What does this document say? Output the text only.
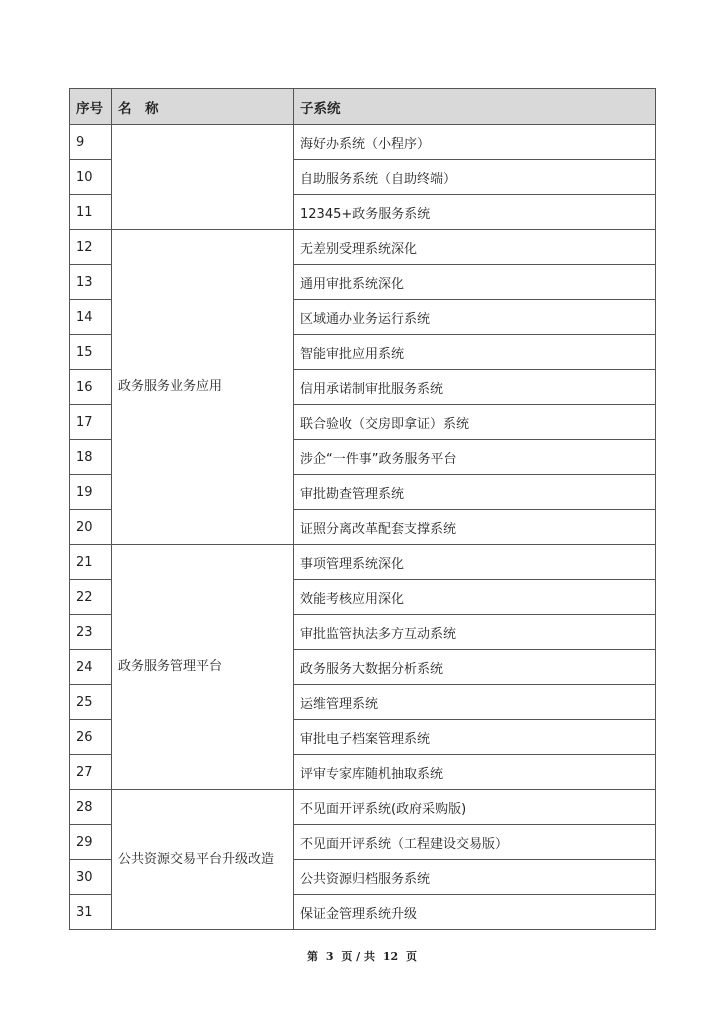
序号	名　称	子系统
9		海好办系统（小程序）
10		自助服务系统（自助终端）
11		12345+政务服务系统
12	政务服务业务应用	无差别受理系统深化
13		通用审批系统深化
14		区域通办业务运行系统
15		智能审批应用系统
16		信用承诺制审批服务系统
17		联合验收（交房即拿证）系统
18		涉企“一件事”政务服务平台
19		审批勘查管理系统
20		证照分离改革配套支撑系统
21	政务服务管理平台	事项管理系统深化
22		效能考核应用深化
23		审批监管执法多方互动系统
24		政务服务大数据分析系统
25		运维管理系统
26		审批电子档案管理系统
27		评审专家库随机抽取系统
28	公共资源交易平台升级改造	不见面开评系统(政府采购版)
29		不见面开评系统（工程建设交易版）
30		公共资源归档服务系统
31		保证金管理系统升级
第 3 页 / 共 12 页
